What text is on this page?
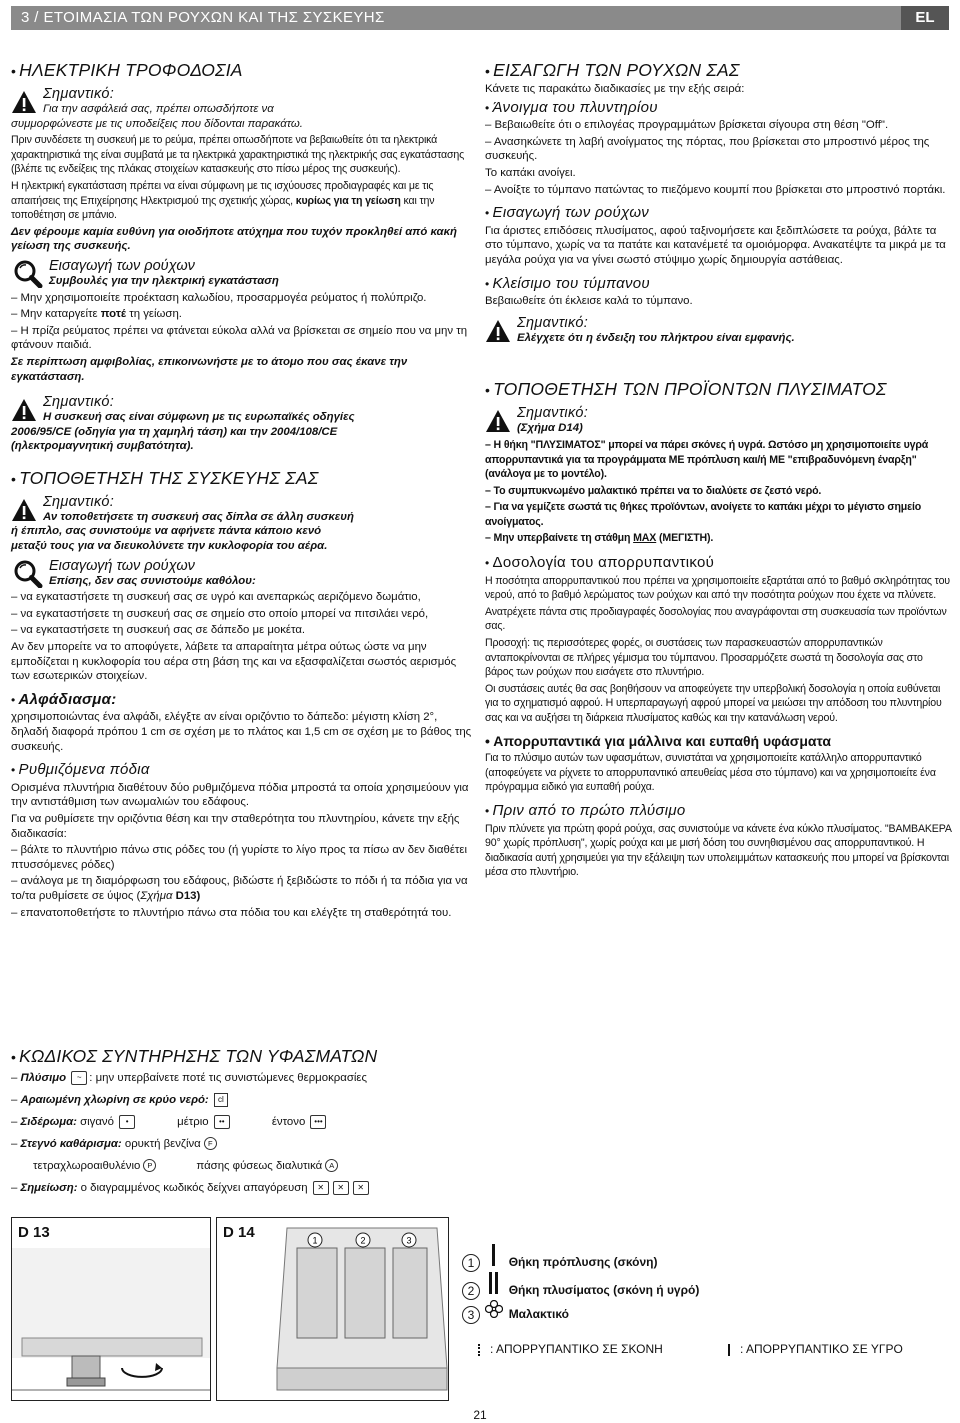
3 / ΕΤΟΙΜΑΣΙΑ ΤΩΝ ΡΟΥΧΩΝ ΚΑΙ ΤΗΣ ΣΥΣΚΕΥΗΣ	EL
• ΗΛΕΚΤΡΙΚΗ ΤΡΟΦΟΔΟΣΙΑ
Σημαντικό:
Για την ασφάλειά σας, πρέπει οπωσδήποτε να
συμμορφώνεστε με τις υποδείξεις που δίδονται παρακάτω.

Πριν συνδέσετε τη συσκευή με το ρεύμα, πρέπει οπωσδήποτε να βεβαιωθείτε ότι τα ηλεκτρικά χαρακτηριστικά της είναι συμβατά με τα ηλεκτρικά χαρακτηριστικά της ηλεκτρικής σας εγκατάστασης (βλέπε τις ενδείξεις της πλάκας στοιχείων κατασκευής στο πίσω μέρος της συσκευής).

Η ηλεκτρική εγκατάσταση πρέπει να είναι σύμφωνη με τις ισχύουσες προδιαγραφές και με τις απαιτήσεις της Επιχείρησης Ηλεκτρισμού της σχετικής χώρας, κυρίως για τη γείωση και την τοποθέτηση σε μπάνιο.

Δεν φέρουμε καμία ευθύνη για οιοδήποτε ατύχημα που τυχόν προκληθεί από κακή γείωση της συσκευής.

Εισαγωγή των ρούχων
Συμβουλές για την ηλεκτρική εγκατάσταση

– Μην χρησιμοποιείτε προέκταση καλωδίου, προσαρμογέα ρεύματος ή πολύπριζο.

– Μην καταργείτε ποτέ τη γείωση.

– Η πρίζα ρεύματος πρέπει να φτάνεται εύκολα αλλά να βρίσκεται σε σημείο που να μην τη φτάνουν παιδιά.

Σε περίπτωση αμφιβολίας, επικοινωνήστε με το άτομο που σας έκανε την εγκατάσταση.

Σημαντικό:
Η συσκευή σας είναι σύμφωνη με τις ευρωπαϊκές οδηγίες
2006/95/CE (οδηγία για τη χαμηλή τάση) και την 2004/108/CE
(ηλεκτρομαγνητική συμβατότητα).
• ΤΟΠΟΘΕΤΗΣΗ ΤΗΣ ΣΥΣΚΕΥΗΣ ΣΑΣ
Σημαντικό:
Αν τοποθετήσετε τη συσκευή σας δίπλα σε άλλη συσκευή
ή έπιπλο, σας συνιστούμε να αφήνετε πάντα κάποιο κενό
μεταξύ τους για να διευκολύνετε την κυκλοφορία του αέρα.
Εισαγωγή των ρούχων
Επίσης, δεν σας συνιστούμε καθόλου:

– να εγκαταστήσετε τη συσκευή σας σε υγρό και ανεπαρκώς αεριζόμενο δωμάτιο,

– να εγκαταστήσετε τη συσκευή σας σε σημείο στο οποίο μπορεί να πιτσιλάει νερό,

– να εγκαταστήσετε τη συσκευή σας σε δάπεδο με μοκέτα.

Αν δεν μπορείτε να το αποφύγετε, λάβετε τα απαραίτητα μέτρα ούτως ώστε να μην εμποδίζεται η κυκλοφορία του αέρα στη βάση της και να εξασφαλίζεται σωστός αερισμός των εσωτερικών στοιχείων.

• Αλφάδιασμα:

χρησιμοποιώντας ένα αλφάδι, ελέγξτε αν είναι οριζόντιο το δάπεδο: μέγιστη κλίση 2°, δηλαδή διαφορά πρόπου 1 cm σε σχέση με το πλάτος και 1,5 cm σε σχέση με το βάθος της συσκευής.

• Ρυθμιζόμενα πόδια

Ορισμένα πλυντήρια διαθέτουν δύο ρυθμιζόμενα πόδια μπροστά τα οποία χρησιμεύουν για την αντιστάθμιση των ανωμαλιών του εδάφους.

Για να ρυθμίσετε την οριζόντια θέση και την σταθερότητα του πλυντηρίου, κάνετε την εξής διαδικασία:

– βάλτε το πλυντήριο πάνω στις ρόδες του (ή γυρίστε το λίγο προς τα πίσω αν δεν διαθέτει πτυσσόμενες ρόδες)

– ανάλογα με τη διαμόρφωση του εδάφους, βιδώστε ή ξεβιδώστε το πόδι ή τα πόδια για να το/τα ρυθμίσετε σε ύψος (Σχήμα D13)

– επανατοποθετήστε το πλυντήριο πάνω στα πόδια του και ελέγξτε τη σταθερότητά του.

• ΕΙΣΑΓΩΓΗ ΤΩΝ ΡΟΥΧΩΝ ΣΑΣ

Κάνετε τις παρακάτω διαδικασίες με την εξής σειρά:

• Άνοιγμα του πλυντηρίου

– Βεβαιωθείτε ότι ο επιλογέας προγραμμάτων βρίσκεται σίγουρα στη θέση "Off".

– Ανασηκώνετε τη λαβή ανοίγματος της πόρτας, που βρίσκεται στο μπροστινό μέρος της συσκευής.

Το καπάκι ανοίγει.

– Ανοίξτε το τύμπανο πατώντας το πιεζόμενο κουμπί που βρίσκεται στο μπροστινό πορτάκι.

• Εισαγωγή των ρούχων

Για άριστες επιδόσεις πλυσίματος, αφού ταξινομήσετε και ξεδιπλώσετε τα ρούχα, βάλτε τα στο τύμπανο, χωρίς να τα πατάτε και κατανέμετέ τα ομοιόμορφα. Ανακατέψτε τα μικρά με τα μεγάλα ρούχα για να γίνει σωστό στύψιμο χωρίς δημιουργία αστάθειας.

• Κλείσιμο του τύμπανου

Βεβαιωθείτε ότι έκλεισε καλά το τύμπανο.

Σημαντικό:
Ελέγχετε ότι η ένδειξη του πλήκτρου είναι εμφανής.
• ΤΟΠΟΘΕΤΗΣΗ ΤΩΝ ΠΡΟΪΟΝΤΩΝ ΠΛΥΣΙΜΑΤΟΣ
Σημαντικό:
(Σχήμα D14)

– Η θήκη "ΠΛΥΣΙΜΑΤΟΣ" μπορεί να πάρει σκόνες ή υγρά. Ωστόσο μη χρησιμοποιείτε υγρά απορρυπαντικά για τα προγράμματα ΜΕ πρόπλυση και/ή ΜΕ "επιβραδυνόμενη έναρξη" (ανάλογα με το μοντέλο).

– Το συμπυκνωμένο μαλακτικό πρέπει να το διαλύετε σε ζεστό νερό.

– Για να γεμίζετε σωστά τις θήκες προϊόντων, ανοίγετε το καπάκι μέχρι το μέγιστο σημείο ανοίγματος.

– Μην υπερβαίνετε τη στάθμη MAX (ΜΕΓΙΣΤΗ).

• Δοσολογία του απορρυπαντικού

Η ποσότητα απορρυπαντικού που πρέπει να χρησιμοποιείτε εξαρτάται από το βαθμό σκληρότητας του νερού, από το βαθμό λερώματος των ρούχων και από την ποσότητα ρούχων που έχετε να πλύνετε.

Ανατρέχετε πάντα στις προδιαγραφές δοσολογίας που αναγράφονται στη συσκευασία των προϊόντων σας.

Προσοχή: τις περισσότερες φορές, οι συστάσεις των παρασκευαστών απορρυπαντικών ανταποκρίνονται σε πλήρες γέμισμα του τύμπανου. Προσαρμόζετε σωστά τη δοσολογία σας στο βάρος των ρούχων που εισάγετε στο πλυντήριο.

Οι συστάσεις αυτές θα σας βοηθήσουν να αποφεύγετε την υπερβολική δοσολογία η οποία ευθύνεται για το σχηματισμό αφρού. Η υπερπαραγωγή αφρού μπορεί να μειώσει την απόδοση του πλυντηρίου σας και να αυξήσει τη διάρκεια πλυσίματος καθώς και την κατανάλωση νερού.

• Απορρυπαντικά για μάλλινα και ευπαθή υφάσματα

Για το πλύσιμο αυτών των υφασμάτων, συνιστάται να χρησιμοποιείτε κατάλληλο απορρυπαντικό (αποφεύγετε να ρίχνετε το απορρυπαντικό απευθείας μέσα στο τύμπανο) και να χρησιμοποιείτε ένα πρόγραμμα ειδικό για ευπαθή ρούχα.

• Πριν από το πρώτο πλύσιμο

Πριν πλύνετε για πρώτη φορά ρούχα, σας συνιστούμε να κάνετε ένα κύκλο πλυσίματος. "ΒΑΜΒΑΚΕΡΑ 90° χωρίς πρόπλυση", χωρίς ρούχα και με μισή δόση του συνηθισμένου σας απορρυπαντικού. Η διαδικασία αυτή χρησιμεύει για την εξάλειψη των υπολειμμάτων κατασκευής που μπορεί να βρίσκονται μέσα στο πλυντήριο.

• ΚΩΔΙΚΟΣ ΣΥΝΤΗΡΗΣΗΣ ΤΩΝ ΥΦΑΣΜΑΤΩΝ
– Πλύσιμο ~ : μην υπερβαίνετε ποτέ τις συνιστώμενες θερμοκρασίες
– Αραιωμένη χλωρίνη σε κρύο νερό: cl
– Σιδέρωμα: σιγανό •	μέτριο ••	έντονο •••
– Στεγνό καθάρισμα: ορυκτή βενζίνα F
τετραχλωροαιθυλένιο P	πάσης φύσεως διαλυτικά A
– Σημείωση: ο διαγραμμένος κωδικός δείχνει απαγόρευση ✕ ✕ ✕
D 13	D 14	1	2	3
1	Θήκη πρόπλυσης (σκόνη)
2	Θήκη πλυσίματος (σκόνη ή υγρό)
3	Μαλακτικό
: ΑΠΟΡΡΥΠΑΝΤΙΚΟ ΣΕ ΣΚΟΝΗ	: ΑΠΟΡΡΥΠΑΝΤΙΚΟ ΣΕ ΥΓΡΟ
21
